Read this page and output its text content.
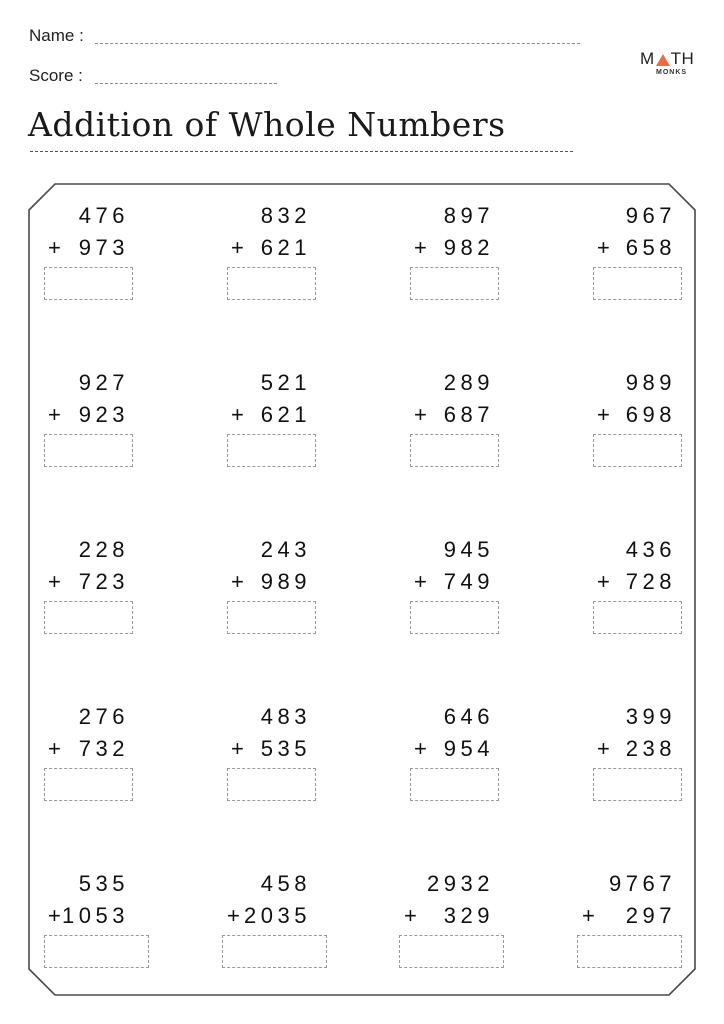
Name :
Score :
M TH
MONKS
Addition of Whole Numbers
476
+ 973
832
+ 621
897
+ 982
967
+ 658
927
+ 923
521
+ 621
289
+ 687
989
+ 698
228
+ 723
243
+ 989
945
+ 749
436
+ 728
276
+ 732
483
+ 535
646
+ 954
399
+ 238
535
+ 1053
458
+ 2035
2932
+ 329
9767
+ 297
